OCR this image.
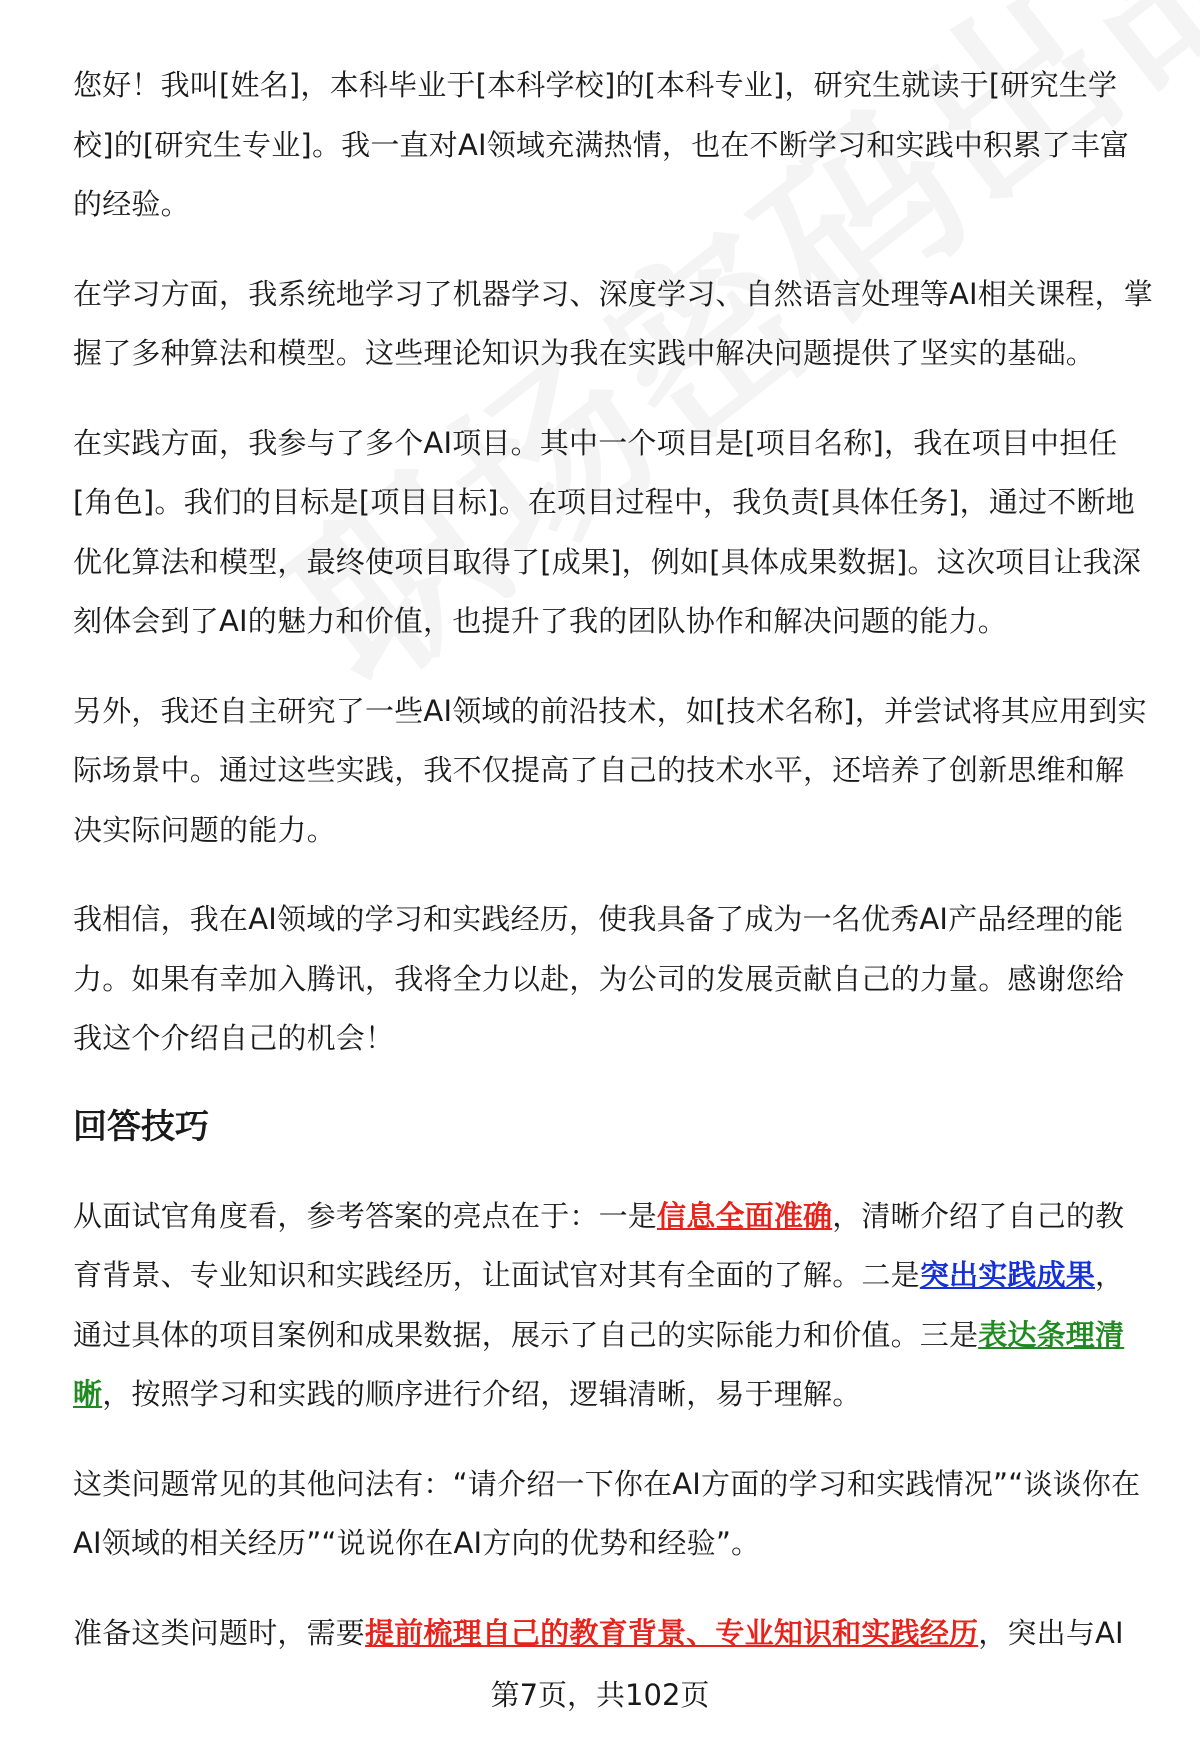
您好！我叫[姓名]，本科毕业于[本科学校]的[本科专业]，研究生就读于[研究生学校]的[研究生专业]。我一直对AI领域充满热情，也在不断学习和实践中积累了丰富的经验。

在学习方面，我系统地学习了机器学习、深度学习、自然语言处理等AI相关课程，掌握了多种算法和模型。这些理论知识为我在实践中解决问题提供了坚实的基础。

在实践方面，我参与了多个AI项目。其中一个项目是[项目名称]，我在项目中担任[角色]。我们的目标是[项目目标]。在项目过程中，我负责[具体任务]，通过不断地优化算法和模型，最终使项目取得了[成果]，例如[具体成果数据]。这次项目让我深刻体会到了AI的魅力和价值，也提升了我的团队协作和解决问题的能力。

另外，我还自主研究了一些AI领域的前沿技术，如[技术名称]，并尝试将其应用到实际场景中。通过这些实践，我不仅提高了自己的技术水平，还培养了创新思维和解决实际问题的能力。

我相信，我在AI领域的学习和实践经历，使我具备了成为一名优秀AI产品经理的能力。如果有幸加入腾讯，我将全力以赴，为公司的发展贡献自己的力量。感谢您给我这个介绍自己的机会！

回答技巧

从面试官角度看，参考答案的亮点在于：一是信息全面准确，清晰介绍了自己的教育背景、专业知识和实践经历，让面试官对其有全面的了解。二是突出实践成果，通过具体的项目案例和成果数据，展示了自己的实际能力和价值。三是表达条理清晰，按照学习和实践的顺序进行介绍，逻辑清晰，易于理解。

这类问题常见的其他问法有：“请介绍一下你在AI方面的学习和实践情况”“谈谈你在AI领域的相关经历”“说说你在AI方向的优势和经验”。

准备这类问题时，需要提前梳理自己的教育背景、专业知识和实践经历，突出与AI

第7页，共102页
